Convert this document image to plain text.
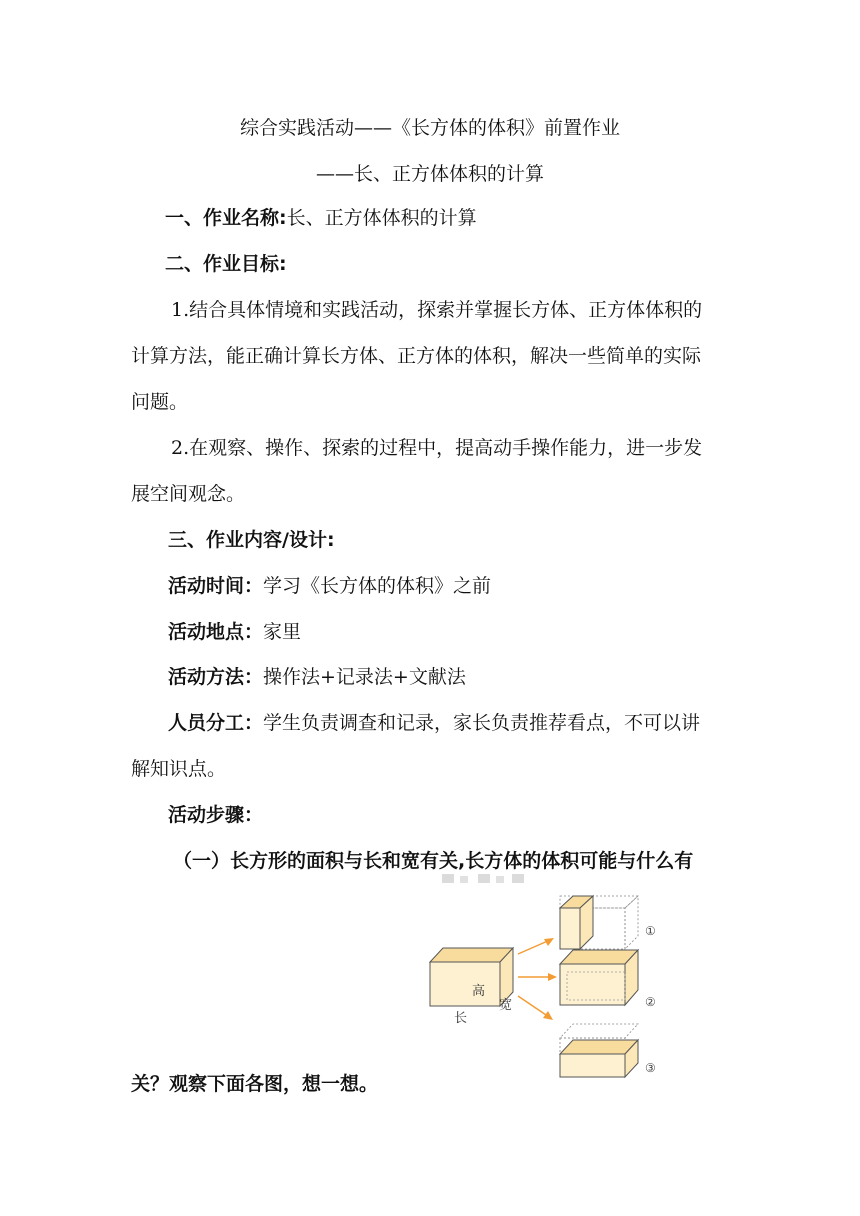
综合实践活动——《长方体的体积》前置作业
——长、正方体体积的计算
一、作业名称:长、正方体体积的计算
二、作业目标:
1.结合具体情境和实践活动，探索并掌握长方体、正方体体积的
计算方法，能正确计算长方体、正方体的体积，解决一些简单的实际
问题。
2.在观察、操作、探索的过程中，提高动手操作能力，进一步发
展空间观念。
三、作业内容/设计:
活动时间：学习《长方体的体积》之前
活动地点：家里
活动方法：操作法+记录法+文献法
人员分工：学生负责调查和记录，家长负责推荐看点，不可以讲
解知识点。
活动步骤：
（一）长方形的面积与长和宽有关,长方体的体积可能与什么有
关？观察下面各图，想一想。
高
宽
长
①
②
③
